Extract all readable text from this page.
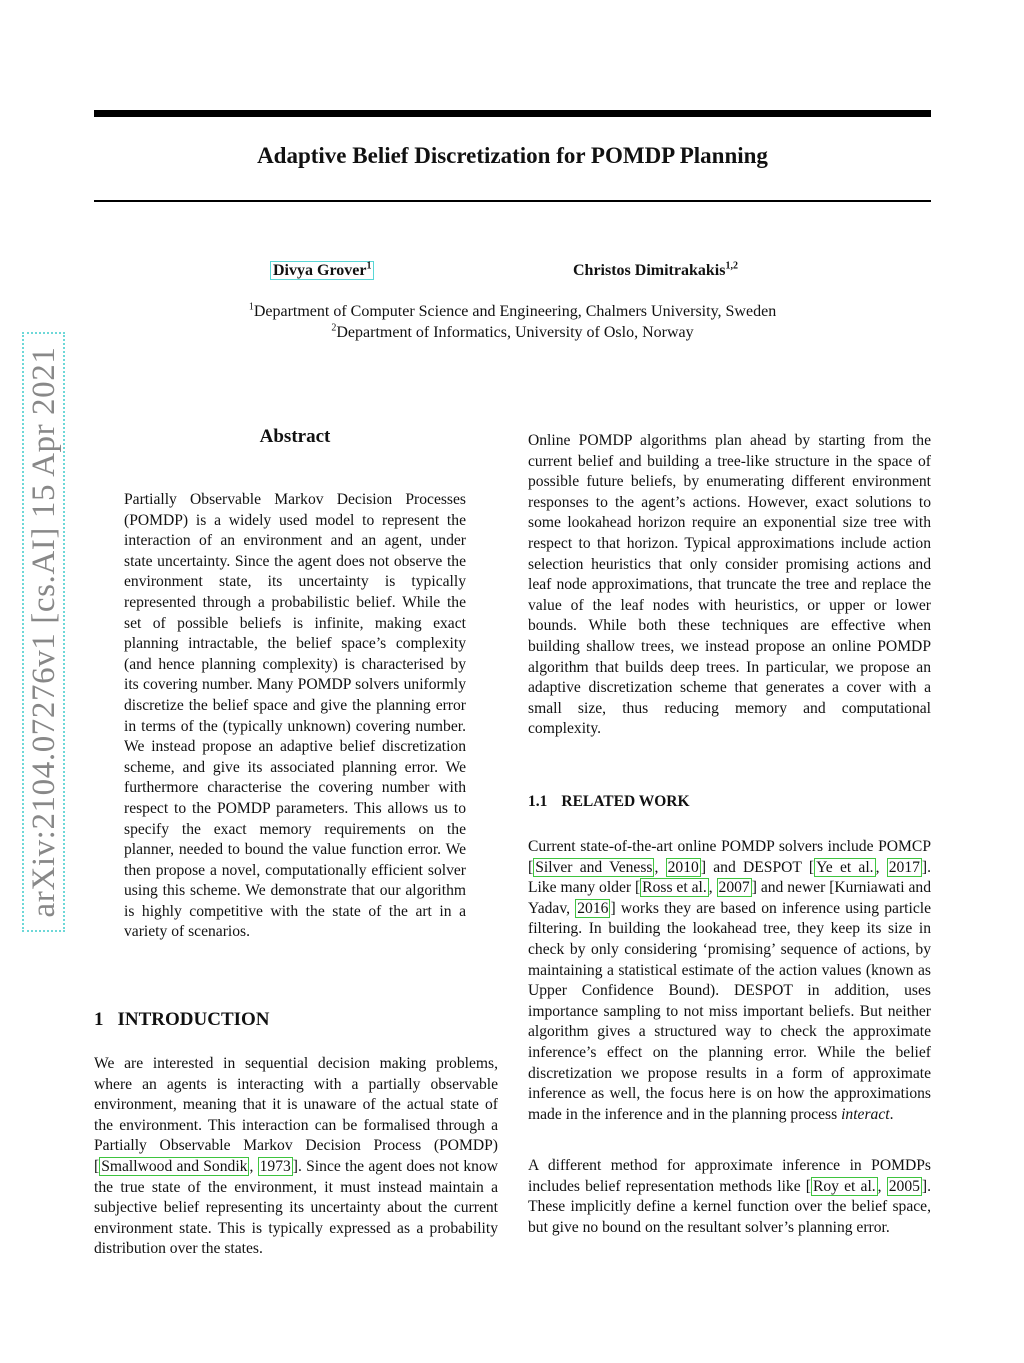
Adaptive Belief Discretization for POMDP Planning
Divya Grover$^1$	Christos Dimitrakakis$^{1,2}$
$^1$Department of Computer Science and Engineering, Chalmers University, Sweden
$^2$Department of Informatics, University of Oslo, Norway
arXiv:2104.07276v1 [cs.AI] 15 Apr 2021	Abstract

Partially Observable Markov Decision Processes (POMDP) is a widely used model to represent the interaction of an environment and an agent, under state uncertainty. Since the agent does not observe the environment state, its uncertainty is typically represented through a probabilistic belief. While the set of possible beliefs is infinite, making exact planning intractable, the belief space’s complexity (and hence planning complexity) is characterised by its covering number. Many POMDP solvers uniformly discretize the belief space and give the planning error in terms of the (typically unknown) covering number. We instead propose an adaptive belief discretization scheme, and give its associated planning error. We furthermore characterise the covering number with respect to the POMDP parameters. This allows us to specify the exact memory requirements on the planner, needed to bound the value function error. We then propose a novel, computationally efficient solver using this scheme. We demonstrate that our algorithm is highly competitive with the state of the art in a variety of scenarios.

1 INTRODUCTION

We are interested in sequential decision making problems, where an agents is interacting with a partially observable environment, meaning that it is unaware of the actual state of the environment. This interaction can be formalised through a Partially Observable Markov Decision Process (POMDP) [ Smallwood and Sondik , 1973 ]. Since the agent does not know the true state of the environment, it must instead maintain a subjective belief representing its uncertainty about the current environment state. This is typically expressed as a probability distribution over the states.

Online POMDP algorithms plan ahead by starting from the current belief and building a tree-like structure in the space of possible future beliefs, by enumerating different environment responses to the agent’s actions. However, exact solutions to some lookahead horizon require an exponential size tree with respect to that horizon. Typical approximations include action selection heuristics that only consider promising actions and leaf node approximations, that truncate the tree and replace the value of the leaf nodes with heuristics, or upper or lower bounds. While both these techniques are effective when building shallow trees, we instead propose an online POMDP algorithm that builds deep trees. In particular, we propose an adaptive discretization scheme that generates a cover with a small size, thus reducing memory and computational complexity.

1.1 RELATED WORK

Current state-of-the-art online POMDP solvers include POMCP [ Silver and Veness , 2010 ] and DESPOT [ Ye et al. , 2017 ]. Like many older [ Ross et al. , 2007 ] and newer [Kurniawati and Yadav, 2016 ] works they are based on inference using particle filtering. In building the lookahead tree, they keep its size in check by only considering ‘promising’ sequence of actions, by maintaining a statistical estimate of the action values (known as Upper Confidence Bound). DESPOT in addition, uses importance sampling to not miss important beliefs. But neither algorithm gives a structured way to check the approximate inference’s effect on the planning error. While the belief discretization we propose results in a form of approximate inference as well, the focus here is on how the approximations made in the inference and in the planning process interact.

A different method for approximate inference in POMDPs includes belief representation methods like [ Roy et al. , 2005 ]. These implicitly define a kernel function over the belief space, but give no bound on the resultant solver’s planning error.
